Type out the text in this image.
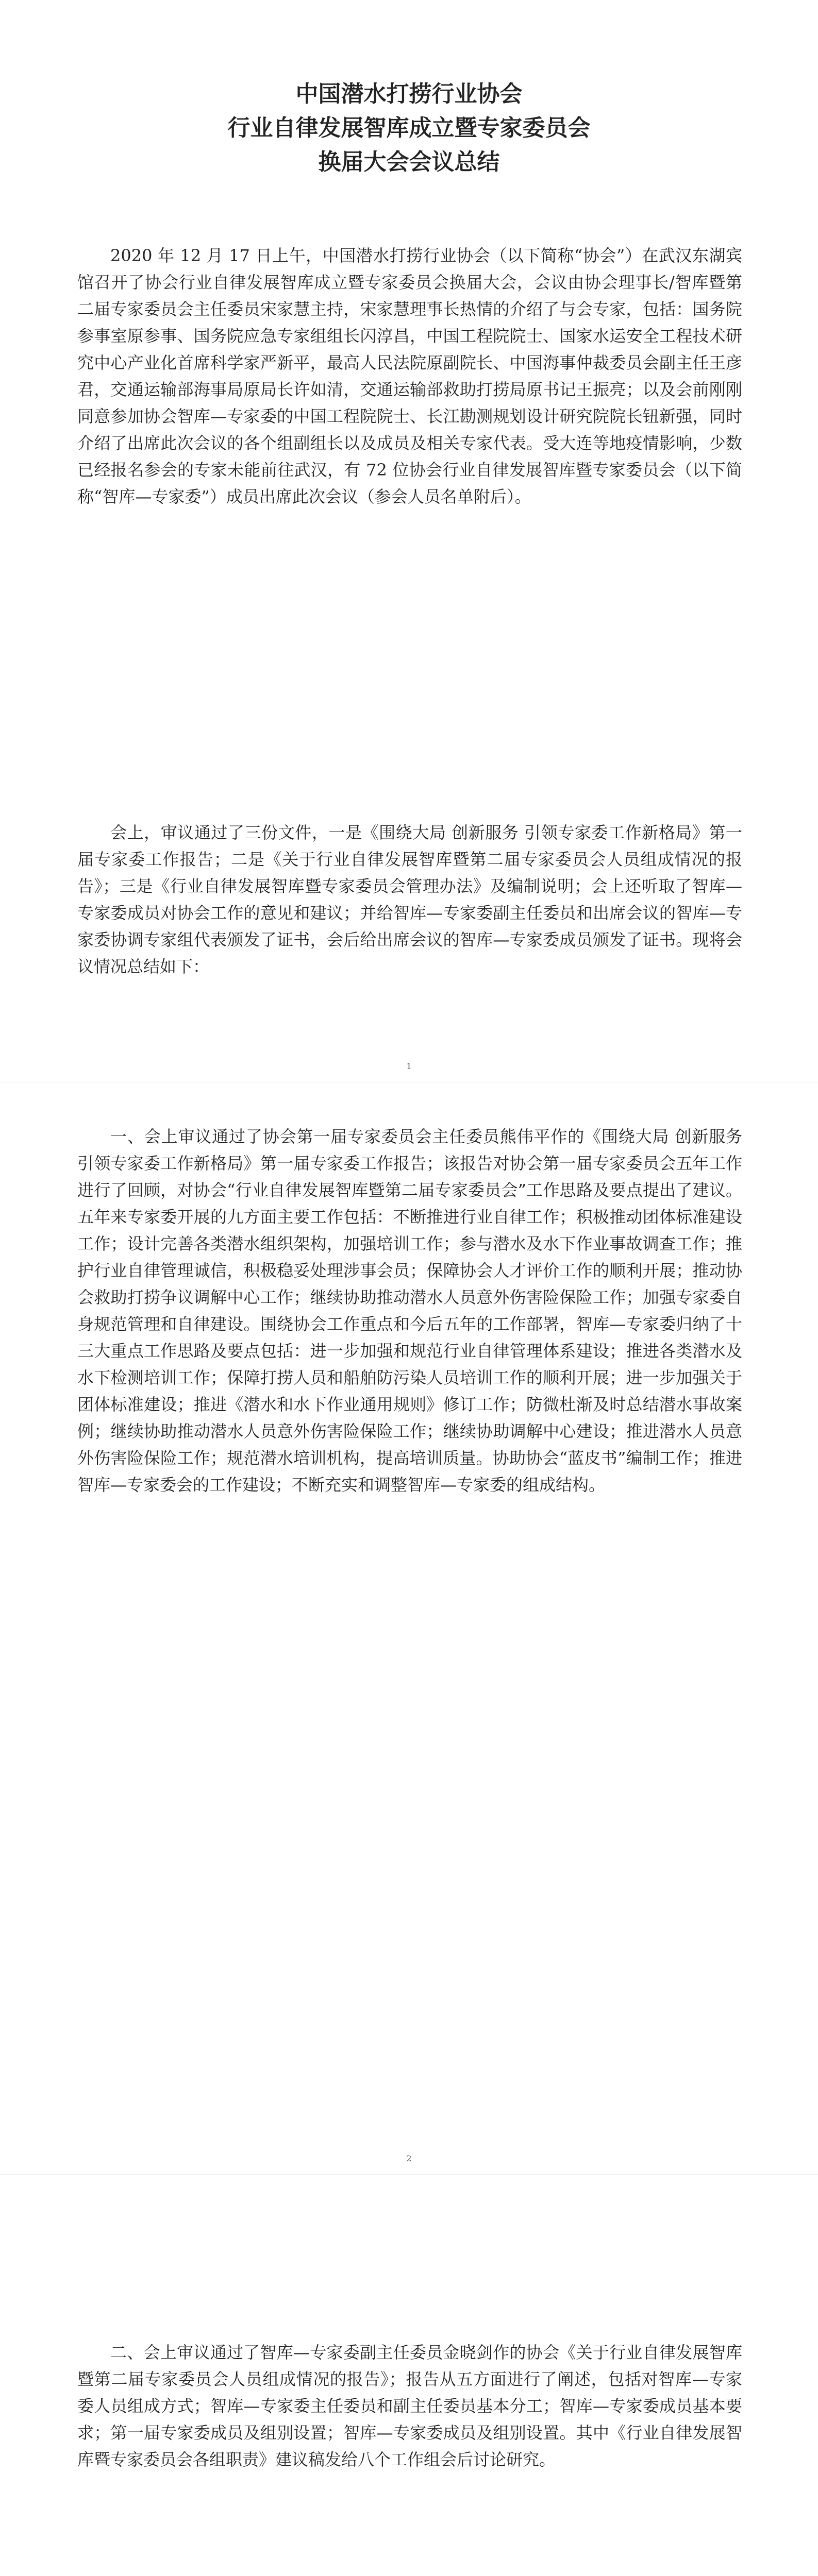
中国潜水打捞行业协会

行业自律发展智库成立暨专家委员会

换届大会会议总结

2020 年 12 月 17 日上午，中国潜水打捞行业协会（以下简称“协会”）在武汉东湖宾馆召开了协会行业自律发展智库成立暨专家委员会换届大会，会议由协会理事长/智库暨第二届专家委员会主任委员宋家慧主持，宋家慧理事长热情的介绍了与会专家，包括：国务院参事室原参事、国务院应急专家组组长闪淳昌，中国工程院院士、国家水运安全工程技术研究中心产业化首席科学家严新平，最高人民法院原副院长、中国海事仲裁委员会副主任王彦君，交通运输部海事局原局长许如清，交通运输部救助打捞局原书记王振亮；以及会前刚刚同意参加协会智库—专家委的中国工程院院士、长江勘测规划设计研究院院长钮新强，同时介绍了出席此次会议的各个组副组长以及成员及相关专家代表。受大连等地疫情影响，少数已经报名参会的专家未能前往武汉，有 72 位协会行业自律发展智库暨专家委员会（以下简称“智库—专家委”）成员出席此次会议（参会人员名单附后）。

会上，审议通过了三份文件，一是《围绕大局 创新服务 引领专家委工作新格局》第一届专家委工作报告；二是《关于行业自律发展智库暨第二届专家委员会人员组成情况的报告》；三是《行业自律发展智库暨专家委员会管理办法》及编制说明；会上还听取了智库—专家委成员对协会工作的意见和建议；并给智库—专家委副主任委员和出席会议的智库—专家委协调专家组代表颁发了证书，会后给出席会议的智库—专家委成员颁发了证书。现将会议情况总结如下：

一、会上审议通过了协会第一届专家委员会主任委员熊伟平作的《围绕大局 创新服务 引领专家委工作新格局》第一届专家委工作报告；该报告对协会第一届专家委员会五年工作进行了回顾，对协会“行业自律发展智库暨第二届专家委员会”工作思路及要点提出了建议。五年来专家委开展的九方面主要工作包括：不断推进行业自律工作；积极推动团体标准建设工作；设计完善各类潜水组织架构，加强培训工作；参与潜水及水下作业事故调查工作；推护行业自律管理诚信，积极稳妥处理涉事会员；保障协会人才评价工作的顺利开展；推动协会救助打捞争议调解中心工作；继续协助推动潜水人员意外伤害险保险工作；加强专家委自身规范管理和自律建设。围绕协会工作重点和今后五年的工作部署，智库—专家委归纳了十三大重点工作思路及要点包括：进一步加强和规范行业自律管理体系建设；推进各类潜水及水下检测培训工作；保障打捞人员和船舶防污染人员培训工作的顺利开展；进一步加强关于团体标准建设；推进《潜水和水下作业通用规则》修订工作；防微杜渐及时总结潜水事故案例；继续协助推动潜水人员意外伤害险保险工作；继续协助调解中心建设；推进潜水人员意外伤害险保险工作；规范潜水培训机构，提高培训质量。协助协会“蓝皮书”编制工作；推进智库—专家委会的工作建设；不断充实和调整智库—专家委的组成结构。

二、会上审议通过了智库—专家委副主任委员金晓剑作的协会《关于行业自律发展智库暨第二届专家委员会人员组成情况的报告》；报告从五方面进行了阐述，包括对智库—专家委人员组成方式；智库—专家委主任委员和副主任委员基本分工；智库—专家委成员基本要求；第一届专家委成员及组别设置；智库—专家委成员及组别设置。其中《行业自律发展智库暨专家委员会各组职责》建议稿发给八个工作组会后讨论研究。

1
2
